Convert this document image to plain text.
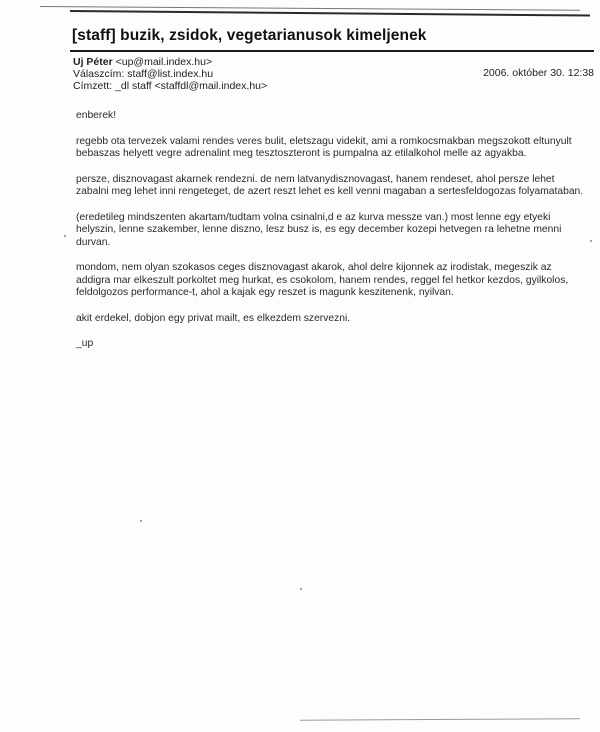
[staff] buzik, zsidok, vegetarianusok kimeljenek
Uj Péter <up@mail.index.hu>
Válaszcím: staff@list.index.hu
Címzett: _dl staff <staffdl@mail.index.hu>
2006. október 30. 12:38

enberek!

regebb ota tervezek valami rendes veres bulit, eletszagu videkit, ami a romkocsmakban megszokott eltunyult bebaszas helyett vegre adrenalint meg tesztoszteront is pumpalna az etilalkohol melle az agyakba.

persze, disznovagast akarnek rendezni. de nem latvanydisznovagast, hanem rendeset, ahol persze lehet zabalni meg lehet inni rengeteget, de azert reszt lehet es kell venni magaban a sertesfeldogozas folyamataban.

(eredetileg mindszenten akartam/tudtam volna csinalni,d e az kurva messze van.) most lenne egy etyeki helyszin, lenne szakember, lenne diszno, lesz busz is, es egy december kozepi hetvegen ra lehetne menni durvan.

mondom, nem olyan szokasos ceges disznovagast akarok, ahol delre kijonnek az irodistak, megeszik az addigra mar elkeszult porkoltet meg hurkat, es csokolom, hanem rendes, reggel fel hetkor kezdos, gyilkolos, feldolgozos performance-t, ahol a kajak egy reszet is magunk keszitenenk, nyilvan.

akit erdekel, dobjon egy privat mailt, es elkezdem szervezni.

_up
